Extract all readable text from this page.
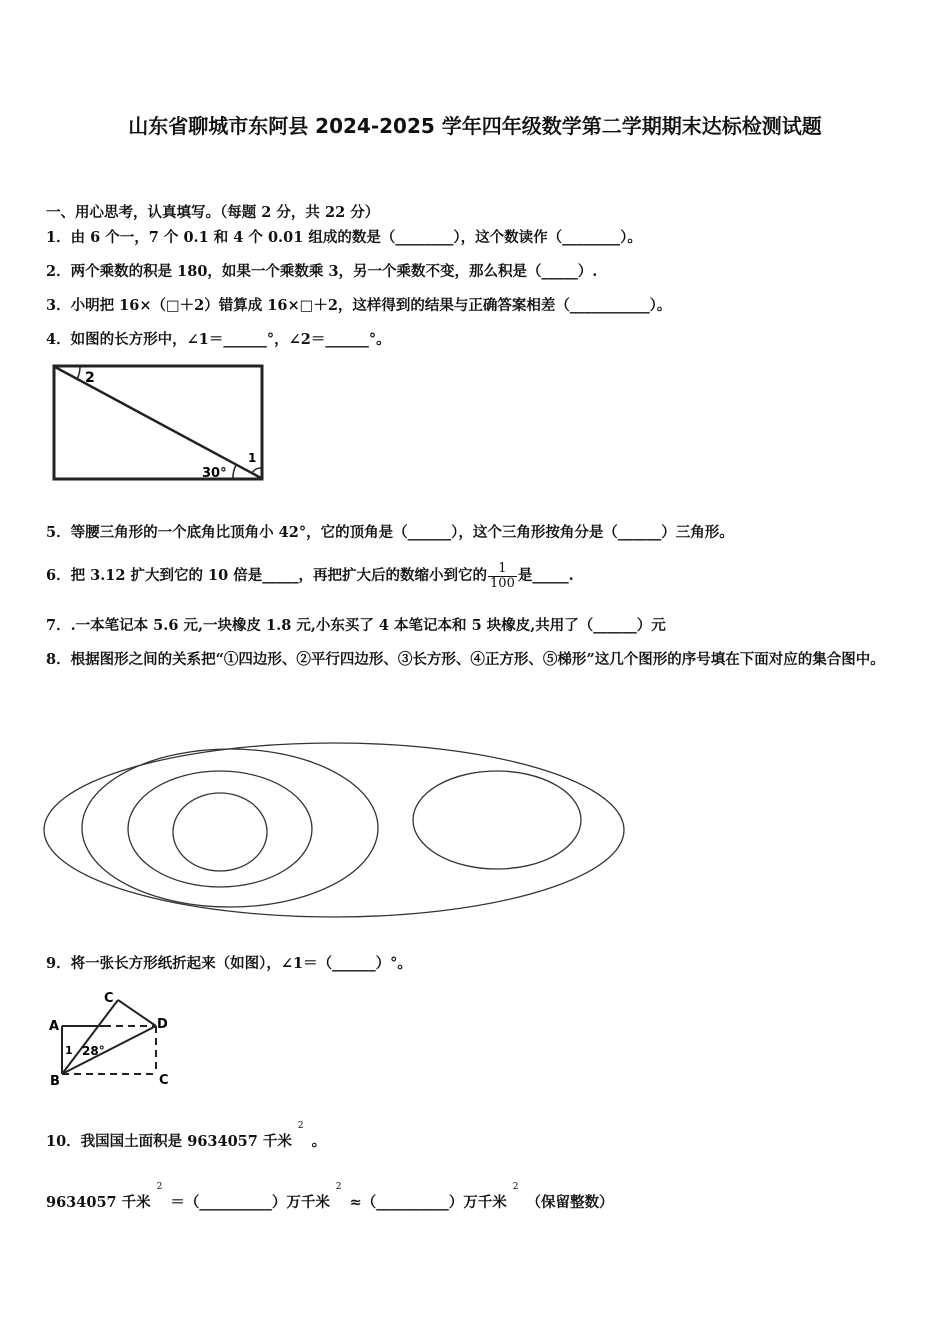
山东省聊城市东阿县 2024-2025 学年四年级数学第二学期期末达标检测试题
一、用心思考，认真填写。（每题 2 分，共 22 分）
1．由 6 个一，7 个 0.1 和 4 个 0.01 组成的数是（________），这个数读作（________）。
2．两个乘数的积是 180，如果一个乘数乘 3，另一个乘数不变，那么积是（_____）.
3．小明把 16×（□＋2）错算成 16×□＋2，这样得到的结果与正确答案相差（___________）。
4．如图的长方形中，∠1＝______°，∠2＝______°。
2
30°
1
5．等腰三角形的一个底角比顶角小 42°，它的顶角是（______），这个三角形按角分是（______）三角形。
6．把 3.12 扩大到它的 10 倍是_____，再把扩大后的数缩小到它的 $\frac{1}{100}$ 是_____.
7．.一本笔记本 5.6 元,一块橡皮 1.8 元,小东买了 4 本笔记本和 5 块橡皮,共用了（______）元
8．根据图形之间的关系把“①四边形、②平行四边形、③长方形、④正方形、⑤梯形”这几个图形的序号填在下面对应的集合图中。
9．将一张长方形纸折起来（如图），∠1＝（______）°。
A
B
C
D
C
1 28°
10．我国国土面积是 9634057 千米$^2$。
9634057 千米$^2$＝（__________）万千米$^2$≈（__________）万千米$^2$（保留整数）
